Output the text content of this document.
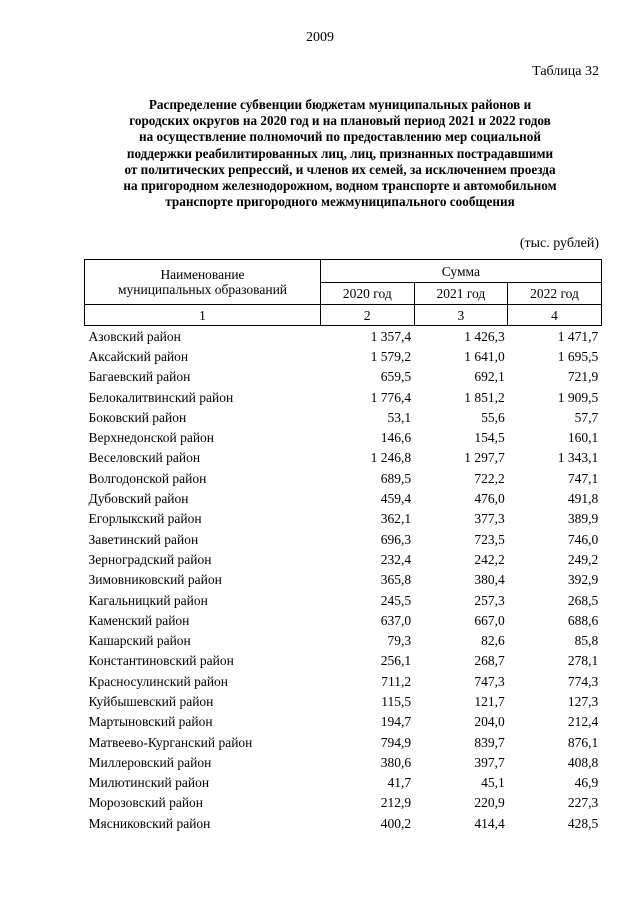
2009
Таблица 32
Распределение субвенции бюджетам муниципальных районов и
городских округов на 2020 год и на плановый период 2021 и 2022 годов
на осуществление полномочий по предоставлению мер социальной
поддержки реабилитированных лиц, лиц, признанных пострадавшими
от политических репрессий, и членов их семей, за исключением проезда
на пригородном железнодорожном, водном транспорте и автомобильном
транспорте пригородного межмуниципального сообщения
(тыс. рублей)
Наименование
муниципальных образований	Сумма		
	2020 год	2021 год	2022 год
1	2	3	4
Азовский район	1 357,4	1 426,3	1 471,7
Аксайский район	1 579,2	1 641,0	1 695,5
Багаевский район	659,5	692,1	721,9
Белокалитвинский район	1 776,4	1 851,2	1 909,5
Боковский район	53,1	55,6	57,7
Верхнедонской район	146,6	154,5	160,1
Веселовский район	1 246,8	1 297,7	1 343,1
Волгодонской район	689,5	722,2	747,1
Дубовский район	459,4	476,0	491,8
Егорлыкский район	362,1	377,3	389,9
Заветинский район	696,3	723,5	746,0
Зерноградский район	232,4	242,2	249,2
Зимовниковский район	365,8	380,4	392,9
Кагальницкий район	245,5	257,3	268,5
Каменский район	637,0	667,0	688,6
Кашарский район	79,3	82,6	85,8
Константиновский район	256,1	268,7	278,1
Красносулинский район	711,2	747,3	774,3
Куйбышевский район	115,5	121,7	127,3
Мартыновский район	194,7	204,0	212,4
Матвеево-Курганский район	794,9	839,7	876,1
Миллеровский район	380,6	397,7	408,8
Милютинский район	41,7	45,1	46,9
Морозовский район	212,9	220,9	227,3
Мясниковский район	400,2	414,4	428,5
